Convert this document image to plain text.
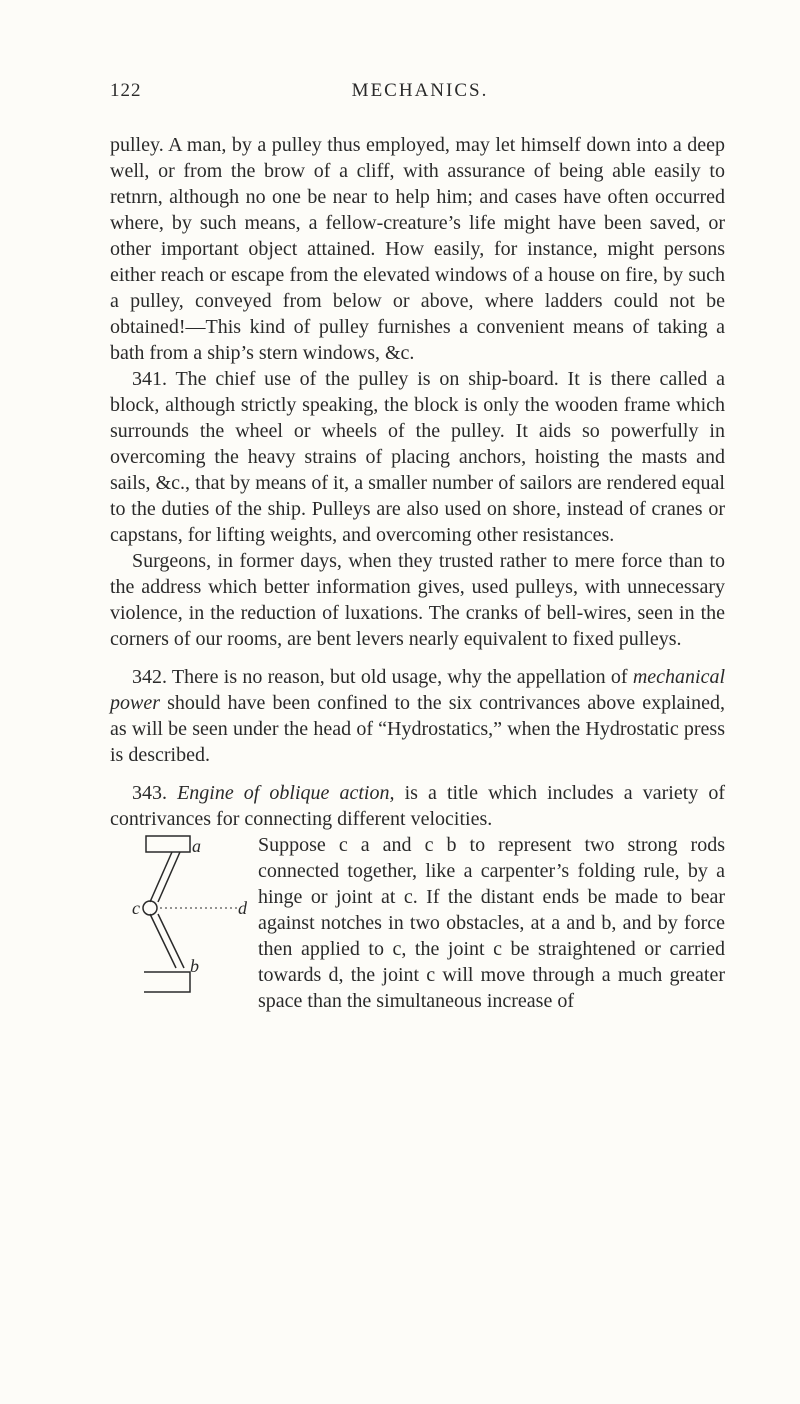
122	MECHANICS.

pulley. A man, by a pulley thus employed, may let himself down into a deep well, or from the brow of a cliff, with assurance of being able easily to retnrn, although no one be near to help him; and cases have often occurred where, by such means, a fellow-creature’s life might have been saved, or other important object attained. How easily, for instance, might persons either reach or escape from the elevated windows of a house on fire, by such a pulley, conveyed from below or above, where ladders could not be obtained!—This kind of pulley furnishes a convenient means of taking a bath from a ship’s stern windows, &c.

341. The chief use of the pulley is on ship-board. It is there called a block, although strictly speaking, the block is only the wooden frame which surrounds the wheel or wheels of the pulley. It aids so powerfully in overcoming the heavy strains of placing anchors, hoisting the masts and sails, &c., that by means of it, a smaller number of sailors are rendered equal to the duties of the ship. Pulleys are also used on shore, instead of cranes or capstans, for lifting weights, and overcoming other resistances.

Surgeons, in former days, when they trusted rather to mere force than to the address which better information gives, used pulleys, with unnecessary violence, in the reduction of luxations. The cranks of bell-wires, seen in the corners of our rooms, are bent levers nearly equivalent to fixed pulleys.

342. There is no reason, but old usage, why the appellation of mechanical power should have been confined to the six contrivances above explained, as will be seen under the head of “Hydrostatics,” when the Hydrostatic press is described.

343. Engine of oblique action, is a title which includes a variety of contrivances for connecting different velocities.

a
b
c	d

Suppose c a and c b to represent two strong rods connected together, like a carpenter’s folding rule, by a hinge or joint at c. If the distant ends be made to bear against notches in two obstacles, at a and b, and by force then applied to c, the joint c be straightened or carried towards d, the joint c will move through a much greater space than the simultaneous increase of
